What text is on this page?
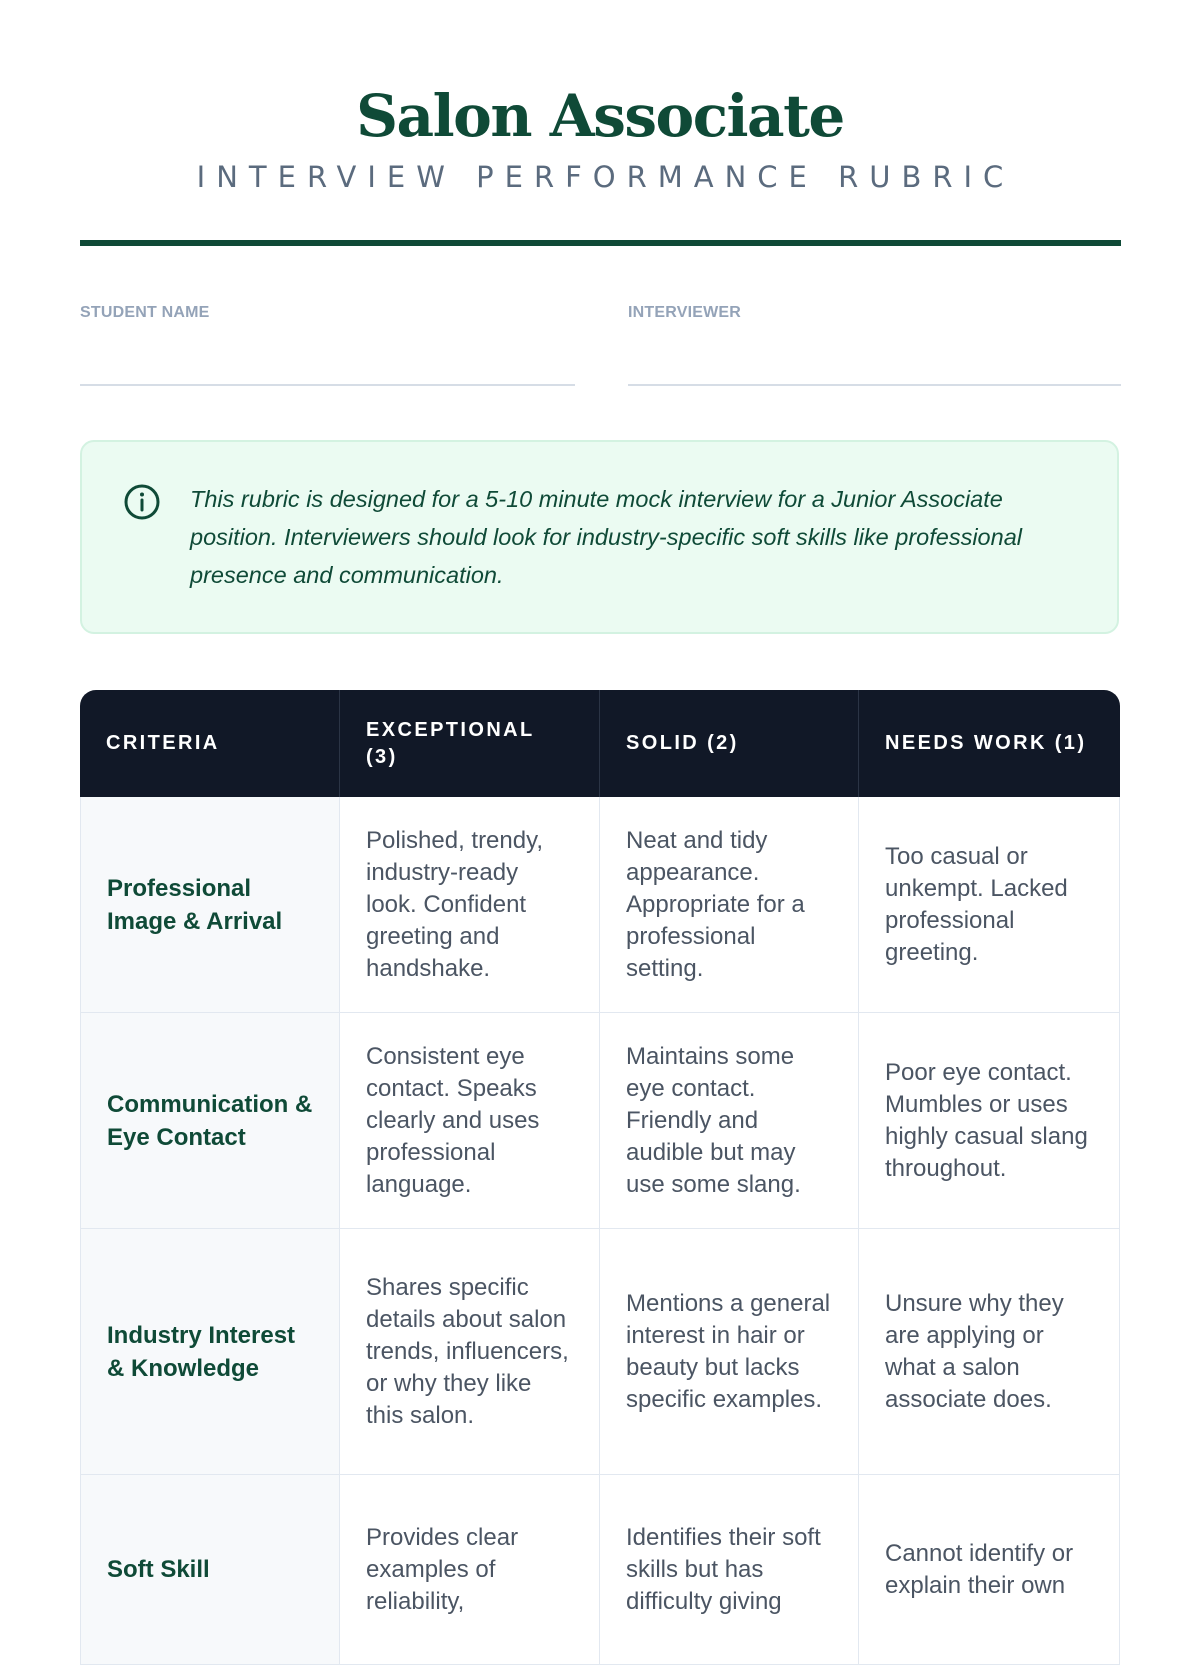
Salon Associate
INTERVIEW PERFORMANCE RUBRIC
STUDENT NAME	INTERVIEWER
This rubric is designed for a 5-10 minute mock interview for a Junior Associate position. Interviewers should look for industry-specific soft skills like professional presence and communication.
CRITERIA	EXCEPTIONAL (3)	SOLID (2)	NEEDS WORK (1)
Professional Image & Arrival	Polished, trendy, industry-ready look. Confident greeting and handshake.	Neat and tidy appearance. Appropriate for a professional setting.	Too casual or unkempt. Lacked professional greeting.
Communication & Eye Contact	Consistent eye contact. Speaks clearly and uses professional language.	Maintains some eye contact. Friendly and audible but may use some slang.	Poor eye contact. Mumbles or uses highly casual slang throughout.
Industry Interest & Knowledge	Shares specific details about salon trends, influencers, or why they like this salon.	Mentions a general interest in hair or beauty but lacks specific examples.	Unsure why they are applying or what a salon associate does.
Soft Skill	Provides clear examples of reliability,	Identifies their soft skills but has difficulty giving	Cannot identify or explain their own
